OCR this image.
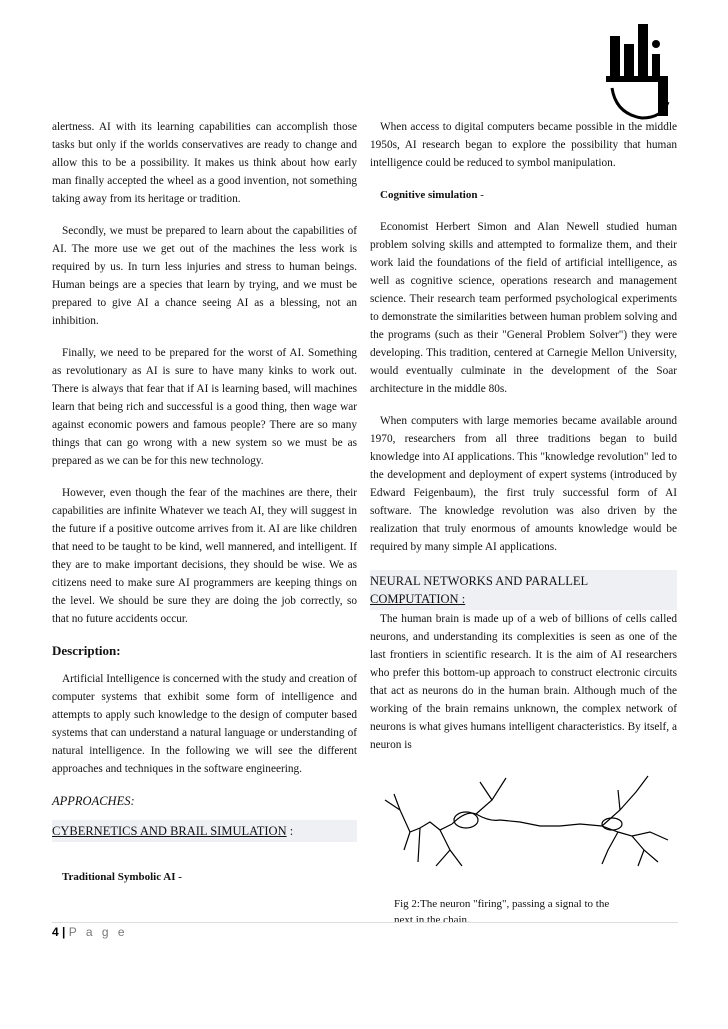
alertness. AI with its learning capabilities can accomplish those tasks but only if the worlds conservatives are ready to change and allow this to be a possibility. It makes us think about how early man finally accepted the wheel as a good invention, not something taking away from its heritage or tradition.

Secondly, we must be prepared to learn about the capabilities of AI. The more use we get out of the machines the less work is required by us. In turn less injuries and stress to human beings. Human beings are a species that learn by trying, and we must be prepared to give AI a chance seeing AI as a blessing, not an inhibition.

Finally, we need to be prepared for the worst of AI. Something as revolutionary as AI is sure to have many kinks to work out. There is always that fear that if AI is learning based, will machines learn that being rich and successful is a good thing, then wage war against economic powers and famous people? There are so many things that can go wrong with a new system so we must be as prepared as we can be for this new technology.

However, even though the fear of the machines are there, their capabilities are infinite Whatever we teach AI, they will suggest in the future if a positive outcome arrives from it. AI are like children that need to be taught to be kind, well mannered, and intelligent. If they are to make important decisions, they should be wise. We as citizens need to make sure AI programmers are keeping things on the level. We should be sure they are doing the job correctly, so that no future accidents occur.

Description:

Artificial Intelligence is concerned with the study and creation of computer systems that exhibit some form of intelligence and attempts to apply such knowledge to the design of computer based systems that can understand a natural language or understanding of natural intelligence. In the following we will see the different approaches and techniques in the software engineering.

APPROACHES:
CYBERNETICS AND BRAIL SIMULATION :
Traditional Symbolic AI -

When access to digital computers became possible in the middle 1950s, AI research began to explore the possibility that human intelligence could be reduced to symbol manipulation.

Cognitive simulation -

Economist Herbert Simon and Alan Newell studied human problem solving skills and attempted to formalize them, and their work laid the foundations of the field of artificial intelligence, as well as cognitive science, operations research and management science. Their research team performed psychological experiments to demonstrate the similarities between human problem solving and the programs (such as their "General Problem Solver") they were developing. This tradition, centered at Carnegie Mellon University, would eventually culminate in the development of the Soar architecture in the middle 80s.

When computers with large memories became available around 1970, researchers from all three traditions began to build knowledge into AI applications. This "knowledge revolution" led to the development and deployment of expert systems (introduced by Edward Feigenbaum), the first truly successful form of AI software. The knowledge revolution was also driven by the realization that truly enormous of amounts knowledge would be required by many simple AI applications.

NEURAL NETWORKS AND PARALLEL
COMPUTATION :

The human brain is made up of a web of billions of cells called neurons, and understanding its complexities is seen as one of the last frontiers in scientific research. It is the aim of AI researchers who prefer this bottom-up approach to construct electronic circuits that act as neurons do in the human brain. Although much of the working of the brain remains unknown, the complex network of neurons is what gives humans intelligent characteristics. By itself, a neuron is

Fig 2:The neuron "firing", passing a signal to the
next in the chain.
4 | P a g e
